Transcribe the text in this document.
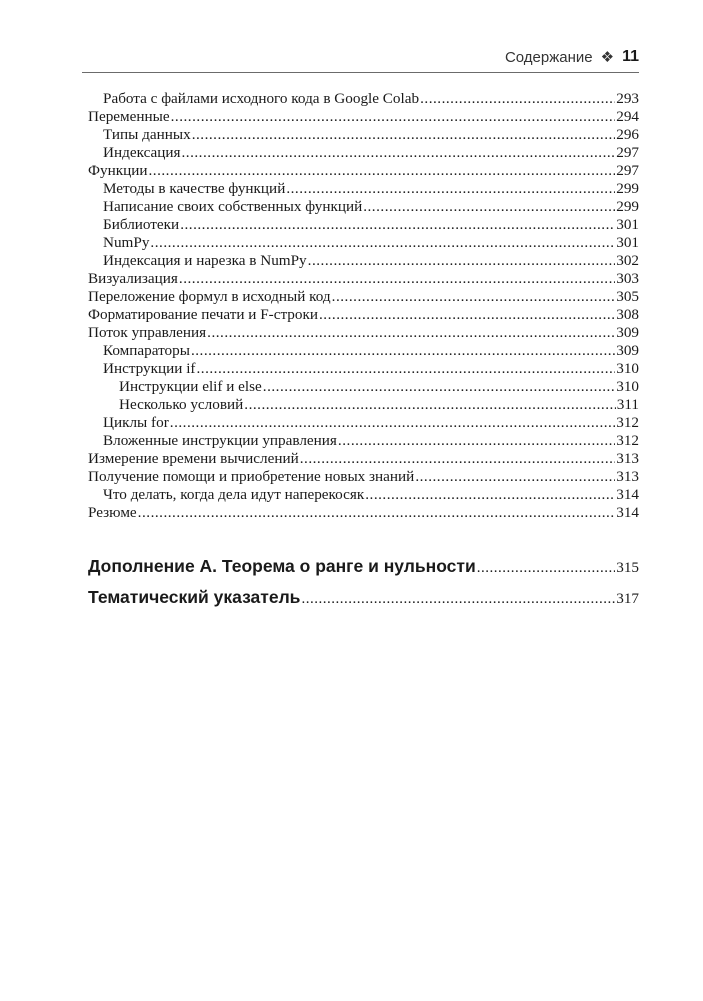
Содержание ❖ 11
Работа с файлами исходного кода в Google Colab .....	293
Переменные .....	294
Типы данных .....	296
Индексация .....	297
Функции .....	297
Методы в качестве функций .....	299
Написание своих собственных функций .....	299
Библиотеки .....	301
NumPy .....	301
Индексация и нарезка в NumPy .....	302
Визуализация .....	303
Переложение формул в исходный код .....	305
Форматирование печати и F-строки .....	308
Поток управления .....	309
Компараторы .....	309
Инструкции if .....	310
Инструкции elif и else .....	310
Несколько условий .....	311
Циклы for .....	312
Вложенные инструкции управления .....	312
Измерение времени вычислений .....	313
Получение помощи и приобретение новых знаний .....	313
Что делать, когда дела идут наперекосяк .....	314
Резюме .....	314
Дополнение A. Теорема о ранге и нульности .....	315
Тематический указатель .....	317
